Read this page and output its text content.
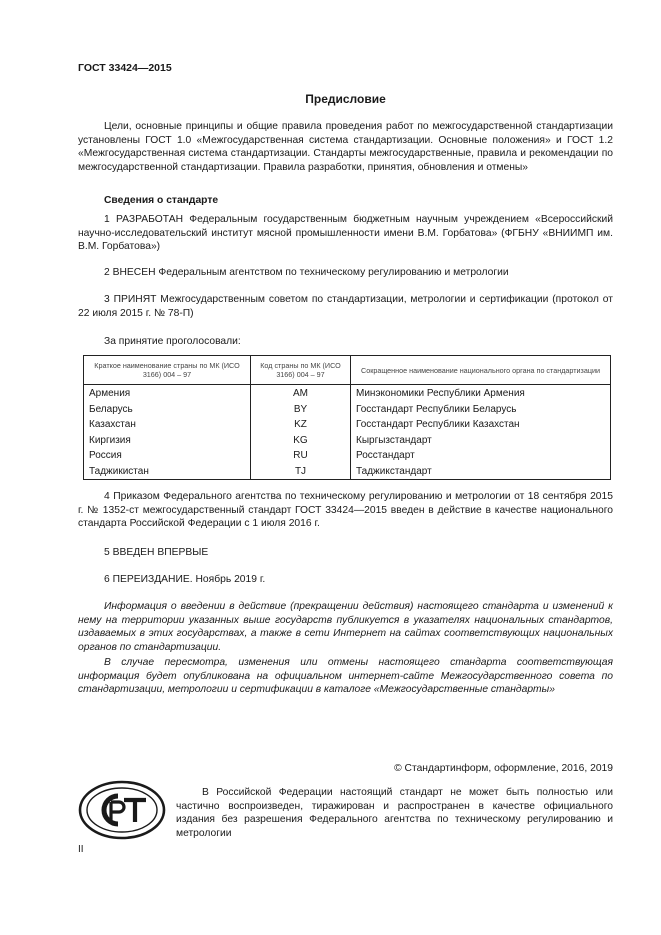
ГОСТ 33424—2015
Предисловие
Цели, основные принципы и общие правила проведения работ по межгосударственной стандартизации установлены ГОСТ 1.0 «Межгосударственная система стандартизации. Основные положения» и ГОСТ 1.2 «Межгосударственная система стандартизации. Стандарты межгосударственные, правила и рекомендации по межгосударственной стандартизации. Правила разработки, принятия, обновления и отмены»
Сведения о стандарте
1 РАЗРАБОТАН Федеральным государственным бюджетным научным учреждением «Всероссийский научно-исследовательский институт мясной промышленности имени В.М. Горбатова» (ФГБНУ «ВНИИМП им. В.М. Горбатова»)
2 ВНЕСЕН Федеральным агентством по техническому регулированию и метрологии
3 ПРИНЯТ Межгосударственным советом по стандартизации, метрологии и сертификации (протокол от 22 июля 2015 г. № 78-П)
За принятие проголосовали:
Краткое наименование страны по МК (ИСО 3166) 004 – 97	Код страны по МК (ИСО 3166) 004 – 97	Сокращенное наименование национального органа по стандартизации
Армения	AM	Минэкономики Республики Армения
Беларусь	BY	Госстандарт Республики Беларусь
Казахстан	KZ	Госстандарт Республики Казахстан
Киргизия	KG	Кыргызстандарт
Россия	RU	Росстандарт
Таджикистан	TJ	Таджикстандарт
4 Приказом Федерального агентства по техническому регулированию и метрологии от 18 сентября 2015 г. № 1352-ст межгосударственный стандарт ГОСТ 33424—2015 введен в действие в качестве национального стандарта Российской Федерации с 1 июля 2016 г.
5 ВВЕДЕН ВПЕРВЫЕ
6 ПЕРЕИЗДАНИЕ. Ноябрь 2019 г.
Информация о введении в действие (прекращении действия) настоящего стандарта и изменений к нему на территории указанных выше государств публикуется в указателях национальных стандартов, издаваемых в этих государствах, а также в сети Интернет на сайтах соответствующих национальных органов по стандартизации.
В случае пересмотра, изменения или отмены настоящего стандарта соответствующая информация будет опубликована на официальном интернет-сайте Межгосударственного совета по стандартизации, метрологии и сертификации в каталоге «Межгосударственные стандарты»
© Стандартинформ, оформление, 2016, 2019
В Российской Федерации настоящий стандарт не может быть полностью или частично воспроизведен, тиражирован и распространен в качестве официального издания без разрешения Федерального агентства по техническому регулированию и метрологии
II
